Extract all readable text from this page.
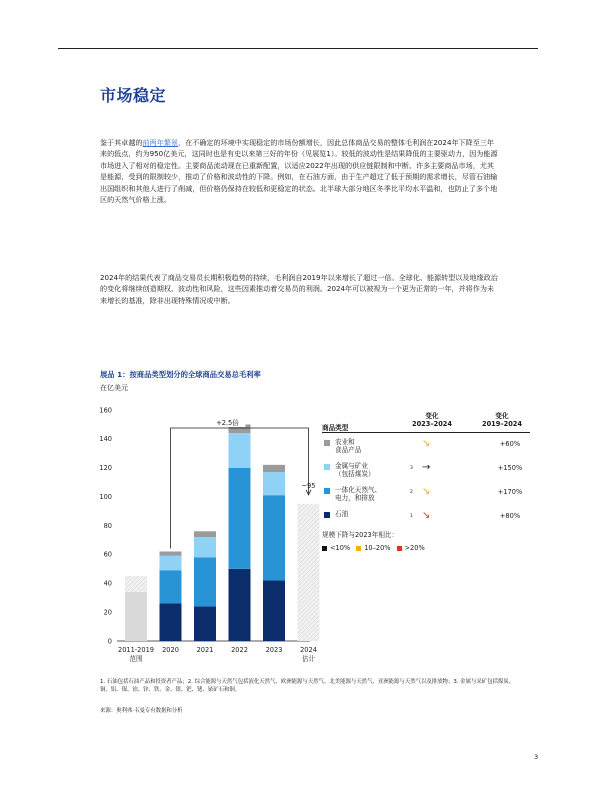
市场稳定

鉴于其卓越的前两年繁景，在不确定的环境中实现稳定的市场份额增长，因此总体商品交易的整体毛利润在2024年下降至三年来的低点，约为950亿美元，这同时也是有史以来第三好的年份（见展览1）。较低的波动性是结果降低的主要驱动力，因为能源市场进入了相对的稳定性。主要商品流动现在已重新配置，以适应2022年出现的供应链限制和中断。许多主要商品市场，尤其是能源，受到的限制较少，推动了价格和波动性的下降。例如，在石油方面，由于生产超过了低于预期的需求增长，尽管石油输出国组织和其他人进行了削减，但价格仍保持在较低和更稳定的状态。北半球大部分地区冬季比平均水平温和，也防止了多个地区的天然气价格上涨。

2024年的结果代表了商品交易员长期积极趋势的持续，毛利润自2019年以来增长了超过一倍。全球化、能源转型以及地缘政治的变化将继续创造期权、波动性和风险，这些因素推动着交易员的利润。2024年可以被视为一个更为正常的一年，并将作为未来增长的基准，除非出现特殊情况或中断。

展品 1：按商品类型划分的全球商品交易总毛利率

在亿美元

0
20
40
60
80
100
120
140
160
2011-2019
范围
2020	2021	2022	2023	2024
估计
+2.5倍
~95
商品类型
变化
2023–2024
变化
2019–2024
农业和
食品产品
↘	+60%
金属与矿业
（包括煤炭）
3 →	+150%
一体化天然气、
电力，和排放
2 ↘	+170%
石油	1 ↘	+80%
规模下降与2023年相比：
<10% 10–20% >20%

1. 石油包括石油产品和投资者产品；2. 综合能源与天然气包括液化天然气、欧洲能源与天然气、北美能源与天然气、亚洲能源与天然气以及排放物；3. 金属与采矿包括煤炭、铜、铝、镍、铂、锌、铁、金、银、钯、铑、铱矿石和铜。

来源：奥利弗·韦曼专有数据和分析

3
